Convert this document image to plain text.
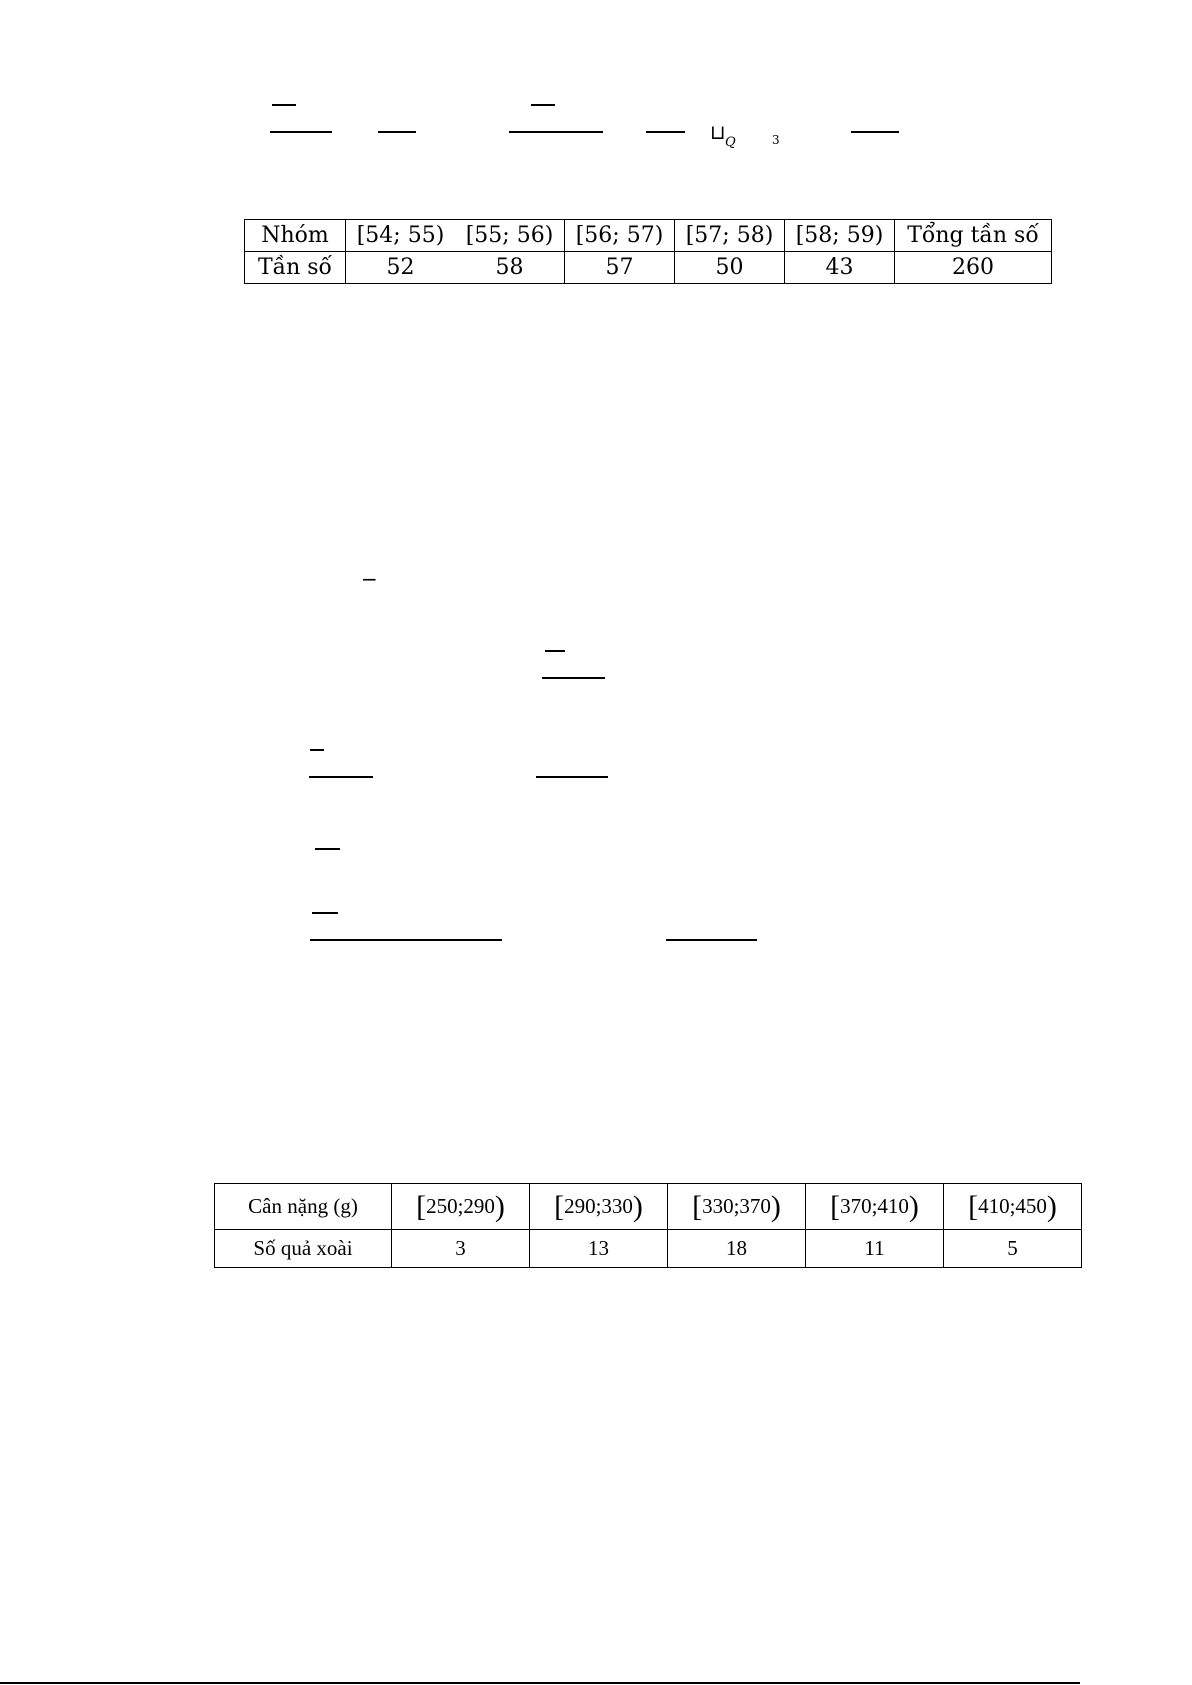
⊔ Q	3
Nhóm	[54; 55)	[55; 56)	[56; 57)	[57; 58)	[58; 59)	Tổng tần số
Tần số	52	58	57	50	43	260
−
Cân nặng (g)	[250;290)	[290;330)	[330;370)	[370;410)	[410;450)
Số quả xoài	3	13	18	11	5
